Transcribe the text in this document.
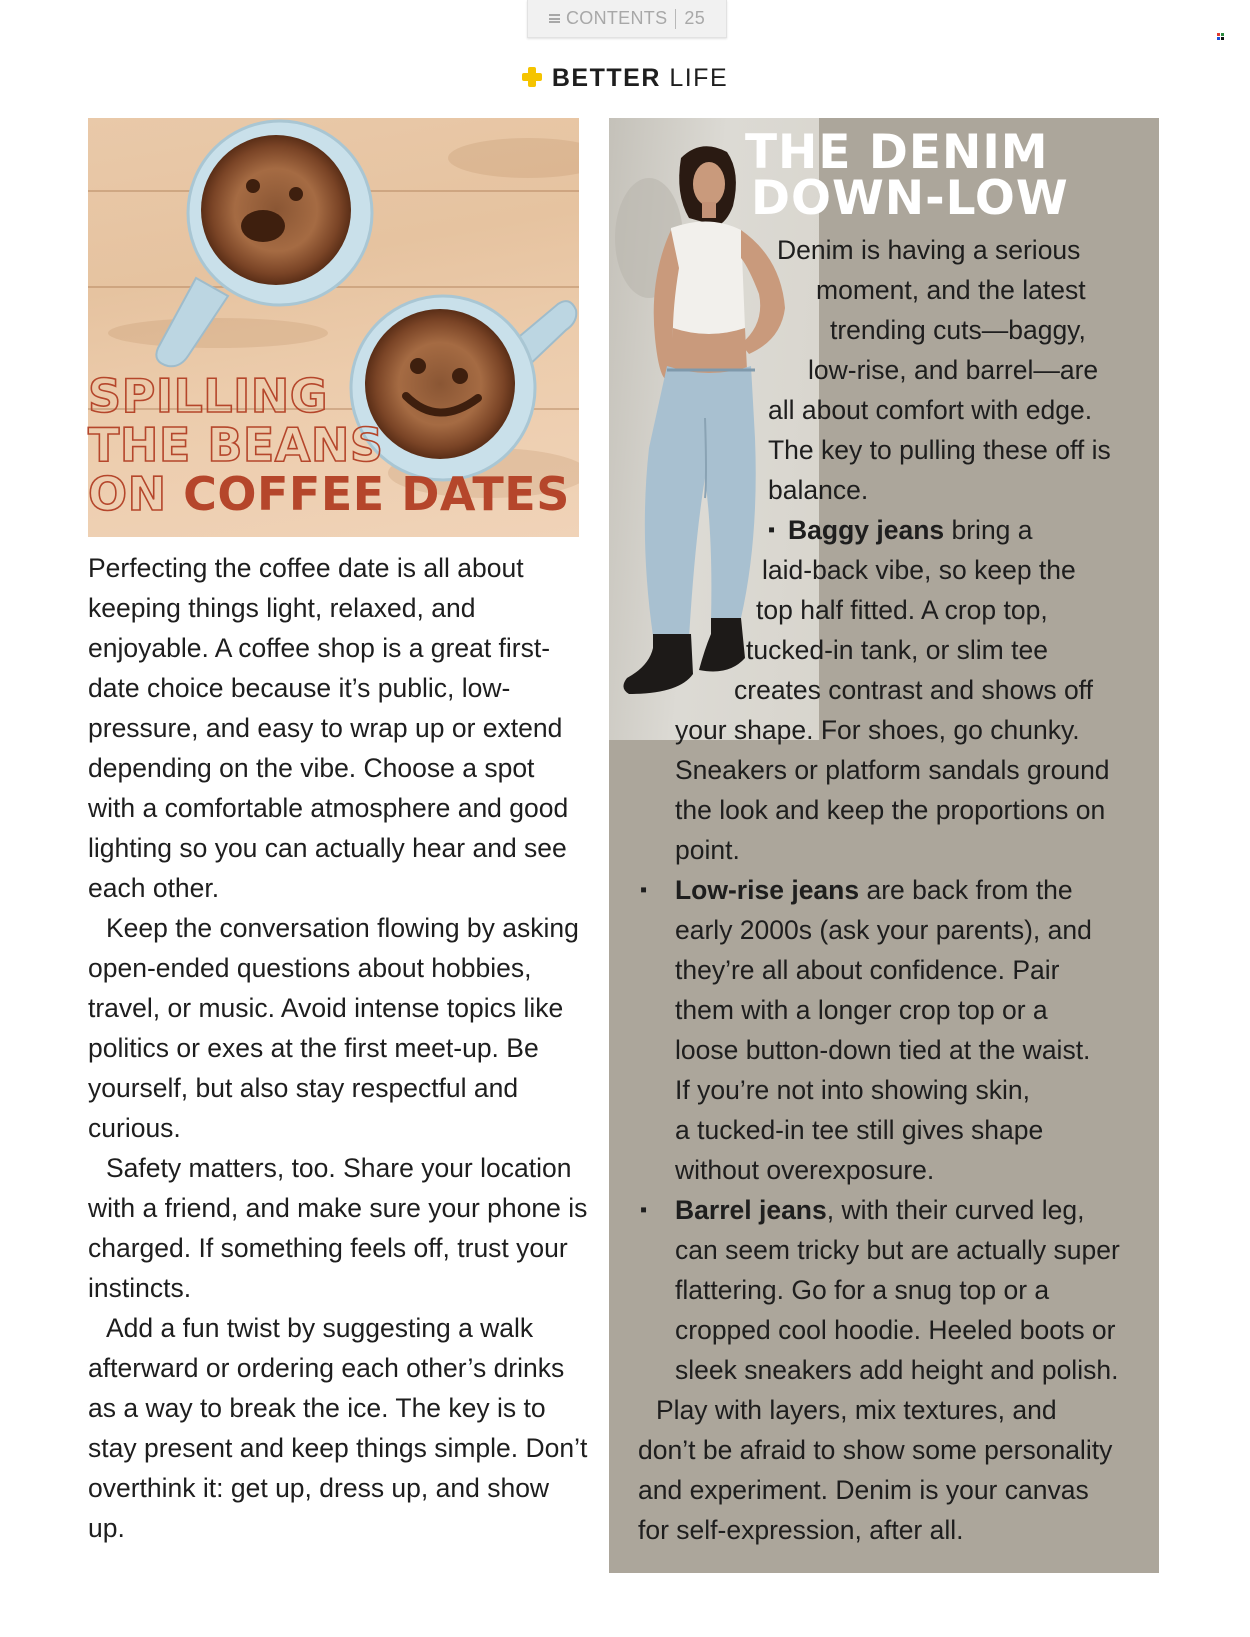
CONTENTS 25
BETTER LIFE
SPILLING
THE BEANS
ON COFFEE DATES

Perfecting the coffee date is all about keeping things light, relaxed, and enjoyable. A coffee shop is a great first-date choice because it’s public, low-pressure, and easy to wrap up or extend depending on the vibe. Choose a spot with a comfortable atmosphere and good lighting so you can actually hear and see each other.

Keep the conversation flowing by asking open-ended questions about hobbies, travel, or music. Avoid intense topics like politics or exes at the first meet-up. Be yourself, but also stay respectful and curious.

Safety matters, too. Share your location with a friend, and make sure your phone is charged. If something feels off, trust your instincts.

Add a fun twist by suggesting a walk afterward or ordering each other’s drinks as a way to break the ice. The key is to stay present and keep things simple. Don’t overthink it: get up, dress up, and show up.

THE DENIM
DOWN-LOW
Denim is having a serious
moment, and the latest
trending cuts—baggy,
low-rise, and barrel—are
all about comfort with edge.
The key to pulling these off is
balance.
▪ Baggy jeans bring a
laid-back vibe, so keep the
top half fitted. A crop top,
tucked-in tank, or slim tee
creates contrast and shows off
your shape. For shoes, go chunky.
Sneakers or platform sandals ground
the look and keep the proportions on
point.
▪ Low-rise jeans are back from the
early 2000s (ask your parents), and
they’re all about confidence. Pair
them with a longer crop top or a
loose button-down tied at the waist.
If you’re not into showing skin,
a tucked-in tee still gives shape
without overexposure.
▪ Barrel jeans, with their curved leg,
can seem tricky but are actually super
flattering. Go for a snug top or a
cropped cool hoodie. Heeled boots or
sleek sneakers add height and polish.
Play with layers, mix textures, and
don’t be afraid to show some personality
and experiment. Denim is your canvas
for self-expression, after all.
